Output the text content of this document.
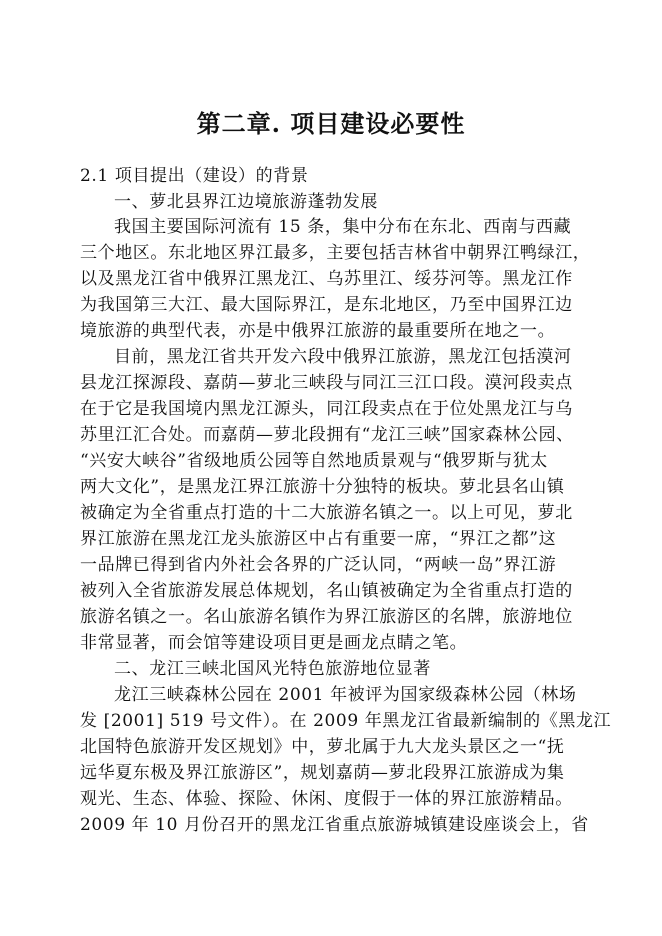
第二章. 项目建设必要性
2.1 项目提出（建设）的背景
一、萝北县界江边境旅游蓬勃发展
我国主要国际河流有 15 条，集中分布在东北、西南与西藏
三个地区。东北地区界江最多，主要包括吉林省中朝界江鸭绿江，
以及黑龙江省中俄界江黑龙江、乌苏里江、绥芬河等。黑龙江作
为我国第三大江、最大国际界江，是东北地区，乃至中国界江边
境旅游的典型代表，亦是中俄界江旅游的最重要所在地之一。
目前，黑龙江省共开发六段中俄界江旅游，黑龙江包括漠河
县龙江探源段、嘉荫—萝北三峡段与同江三江口段。漠河段卖点
在于它是我国境内黑龙江源头，同江段卖点在于位处黑龙江与乌
苏里江汇合处。而嘉荫—萝北段拥有“龙江三峡”国家森林公园、
“兴安大峡谷”省级地质公园等自然地质景观与“俄罗斯与犹太
两大文化”，是黑龙江界江旅游十分独特的板块。萝北县名山镇
被确定为全省重点打造的十二大旅游名镇之一。以上可见，萝北
界江旅游在黑龙江龙头旅游区中占有重要一席，“界江之都”这
一品牌已得到省内外社会各界的广泛认同，“两峡一岛”界江游
被列入全省旅游发展总体规划，名山镇被确定为全省重点打造的
旅游名镇之一。名山旅游名镇作为界江旅游区的名牌，旅游地位
非常显著，而会馆等建设项目更是画龙点睛之笔。
二、龙江三峡北国风光特色旅游地位显著
龙江三峡森林公园在 2001 年被评为国家级森林公园（林场
发 [2001] 519 号文件）。在 2009 年黑龙江省最新编制的《黑龙江
北国特色旅游开发区规划》中，萝北属于九大龙头景区之一“抚
远华夏东极及界江旅游区”，规划嘉荫—萝北段界江旅游成为集
观光、生态、体验、探险、休闲、度假于一体的界江旅游精品。
2009 年 10 月份召开的黑龙江省重点旅游城镇建设座谈会上，省
